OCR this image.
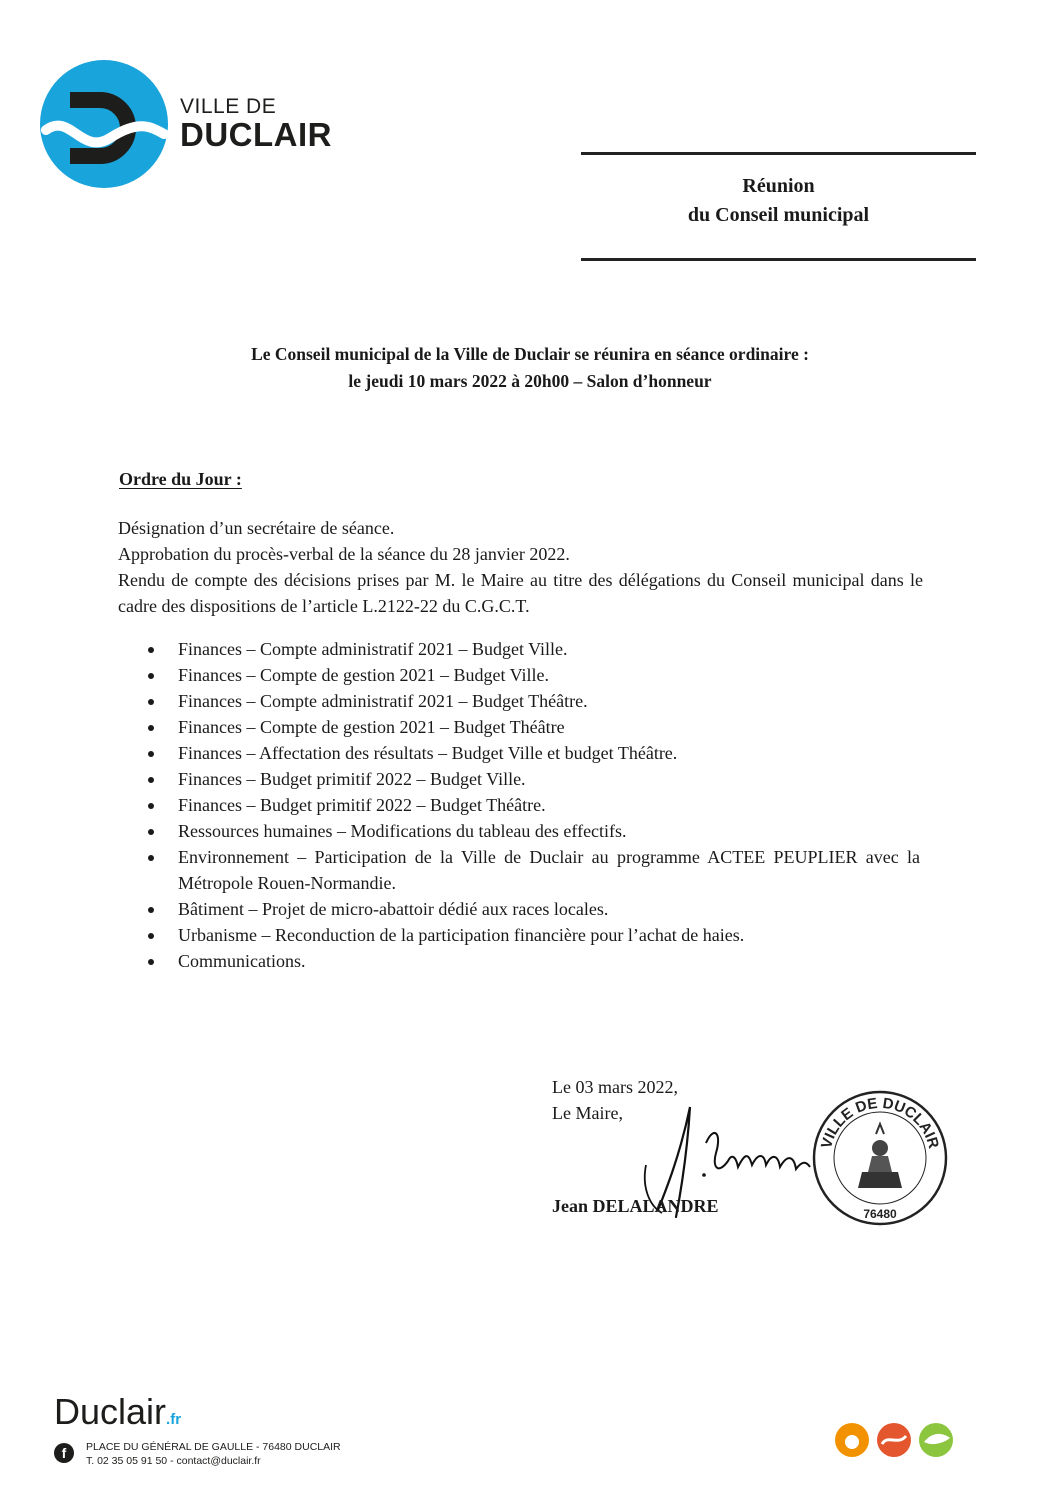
VILLE DE
DUCLAIR
Réunion
du Conseil municipal
Le Conseil municipal de la Ville de Duclair se réunira en séance ordinaire :
le jeudi 10 mars 2022 à 20h00 – Salon d’honneur
Ordre du Jour :

Désignation d’un secrétaire de séance.

Approbation du procès-verbal de la séance du 28 janvier 2022.

Rendu de compte des décisions prises par M. le Maire au titre des délégations du Conseil municipal dans le cadre des dispositions de l’article L.2122-22 du C.G.C.T.

Finances – Compte administratif 2021 – Budget Ville.
Finances – Compte de gestion 2021 – Budget Ville.
Finances – Compte administratif 2021 – Budget Théâtre.
Finances – Compte de gestion 2021 – Budget Théâtre
Finances – Affectation des résultats – Budget Ville et budget Théâtre.
Finances – Budget primitif 2022 – Budget Ville.
Finances – Budget primitif 2022 – Budget Théâtre.
Ressources humaines – Modifications du tableau des effectifs.
Environnement – Participation de la Ville de Duclair au programme ACTEE PEUPLIER avec la Métropole Rouen-Normandie.
Bâtiment – Projet de micro-abattoir dédié aux races locales.
Urbanisme – Reconduction de la participation financière pour l’achat de haies.
Communications.
Le 03 mars 2022,
Le Maire,
VILLE DE DUCLAIR
76480
Jean DELALANDRE
Duclair.fr
f	PLACE DU GÉNÉRAL DE GAULLE - 76480 DUCLAIR
T. 02 35 05 91 50 - contact@duclair.fr
